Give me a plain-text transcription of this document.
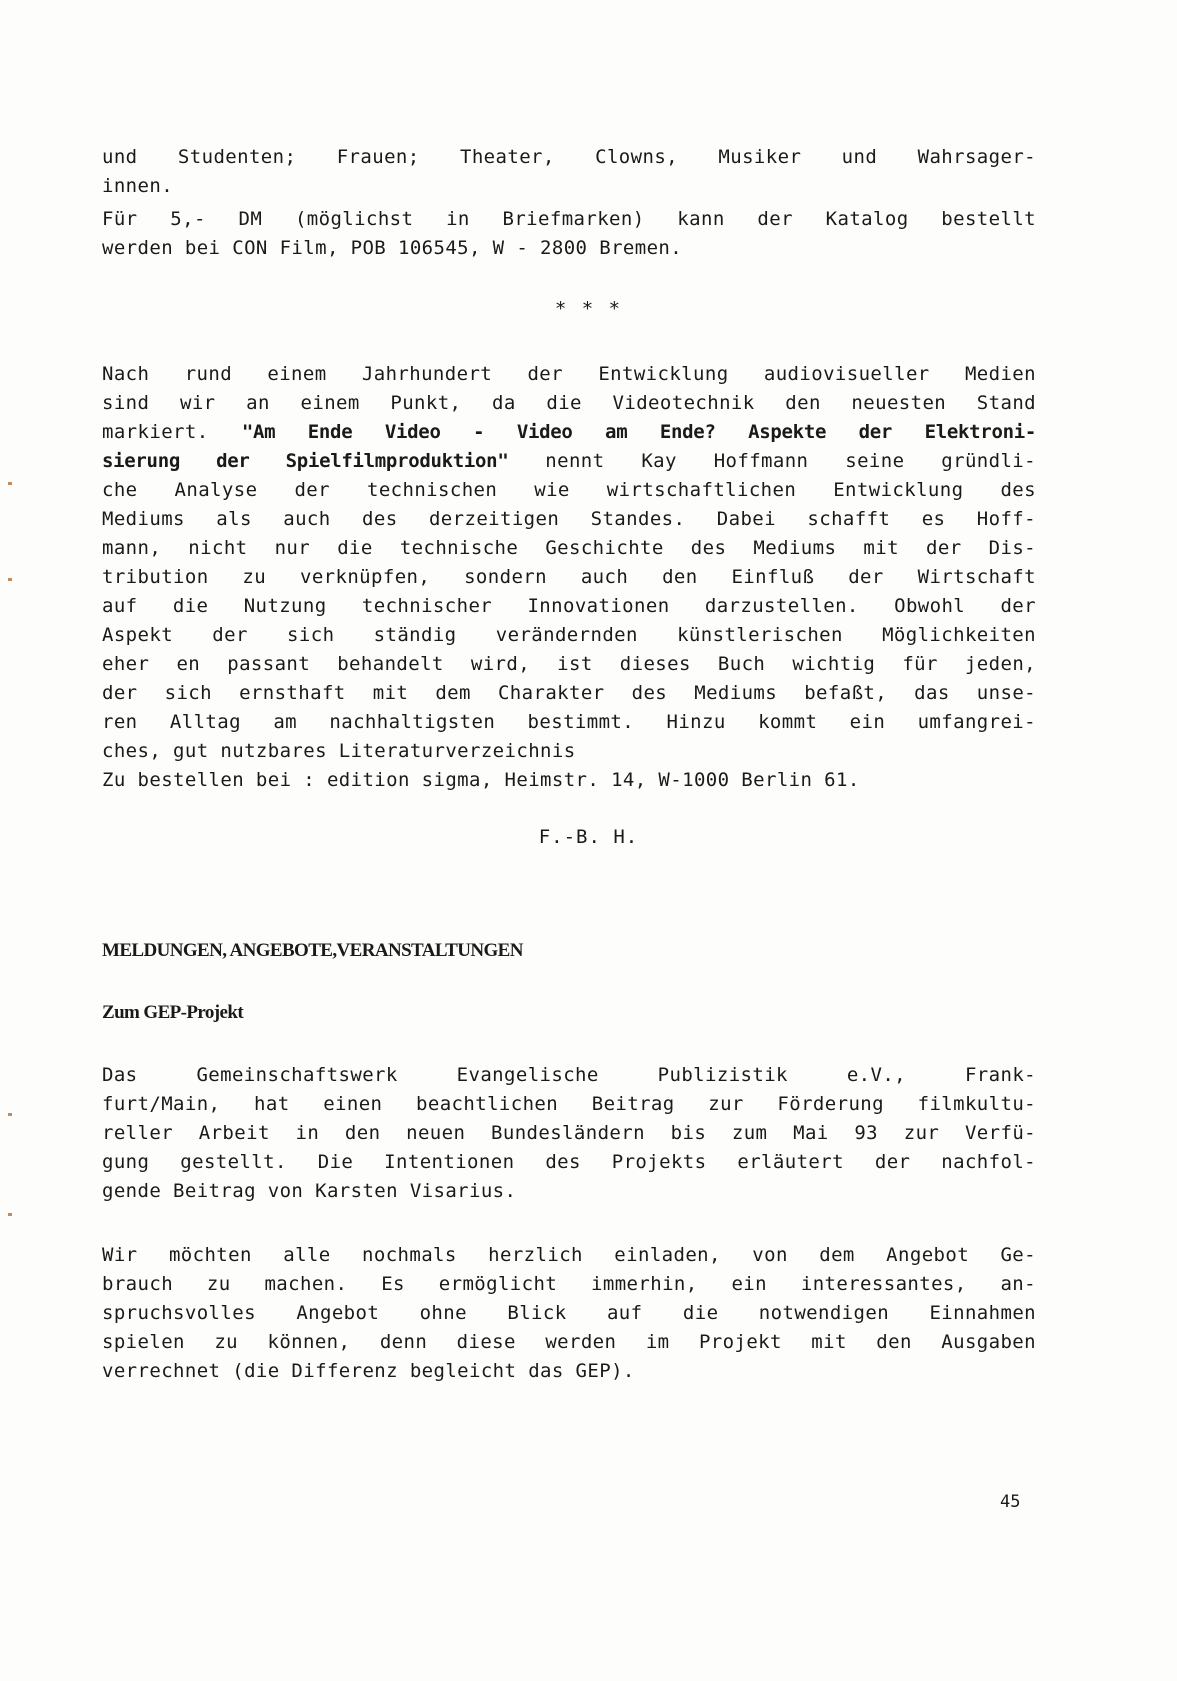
und Studenten; Frauen; Theater, Clowns, Musiker und Wahrsager-
innen.
Für 5,- DM (möglichst in Briefmarken) kann der Katalog bestellt
werden bei CON Film, POB 106545, W - 2800 Bremen.
* * *
Nach rund einem Jahrhundert der Entwicklung audiovisueller Medien
sind wir an einem Punkt, da die Videotechnik den neuesten Stand
markiert. "Am Ende Video - Video am Ende? Aspekte der Elektroni-
sierung der Spielfilmproduktion" nennt Kay Hoffmann seine gründli-
che Analyse der technischen wie wirtschaftlichen Entwicklung des
Mediums als auch des derzeitigen Standes. Dabei schafft es Hoff-
mann, nicht nur die technische Geschichte des Mediums mit der Dis-
tribution zu verknüpfen, sondern auch den Einfluß der Wirtschaft
auf die Nutzung technischer Innovationen darzustellen. Obwohl der
Aspekt der sich ständig verändernden künstlerischen Möglichkeiten
eher en passant behandelt wird, ist dieses Buch wichtig für jeden,
der sich ernsthaft mit dem Charakter des Mediums befaßt, das unse-
ren Alltag am nachhaltigsten bestimmt. Hinzu kommt ein umfangrei-
ches, gut nutzbares Literaturverzeichnis
Zu bestellen bei : edition sigma, Heimstr. 14, W-1000 Berlin 61.
F.-B. H.
MELDUNGEN, ANGEBOTE,VERANSTALTUNGEN
Zum GEP-Projekt
Das Gemeinschaftswerk Evangelische Publizistik e.V., Frank-
furt/Main, hat einen beachtlichen Beitrag zur Förderung filmkultu-
reller Arbeit in den neuen Bundesländern bis zum Mai 93 zur Verfü-
gung gestellt. Die Intentionen des Projekts erläutert der nachfol-
gende Beitrag von Karsten Visarius.
Wir möchten alle nochmals herzlich einladen, von dem Angebot Ge-
brauch zu machen. Es ermöglicht immerhin, ein interessantes, an-
spruchsvolles Angebot ohne Blick auf die notwendigen Einnahmen
spielen zu können, denn diese werden im Projekt mit den Ausgaben
verrechnet (die Differenz begleicht das GEP).
45
